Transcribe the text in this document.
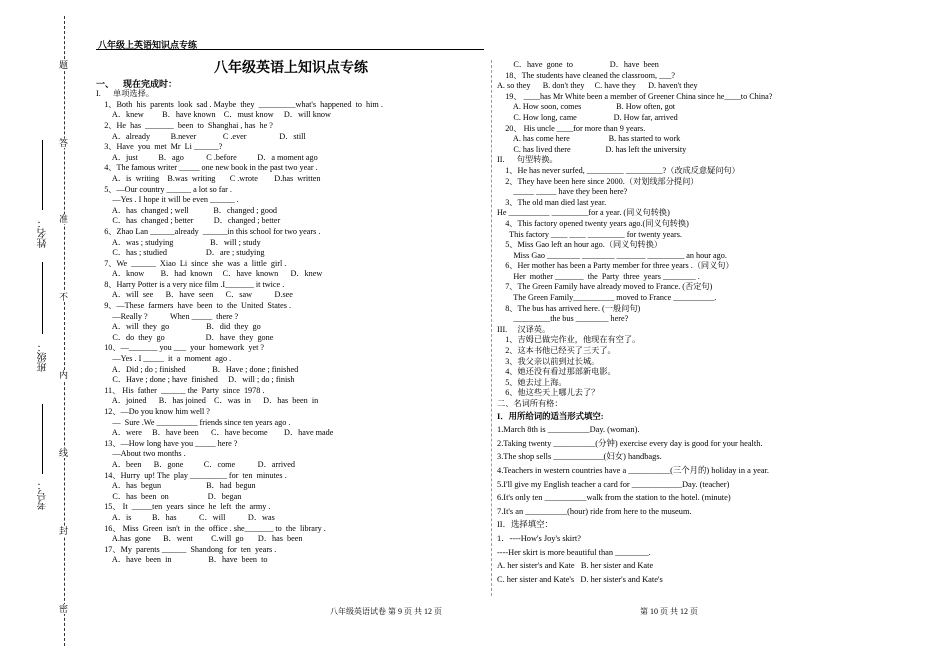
题
答
准
不
内
线
封
密
姓名：
班级：
考号：
八年级上英语知识点专练
八年级英语上知识点专练
一、    现在完成时：
I.      单项选择。
1、Both  his  parents  look  sad . Maybe  they  _________what's  happened  to  him .
A．knew         B．have known    C．must know     D．will know
2、He  has  _______  been  to  Shanghai , has  he ?
A．already          B.never             C .ever                D．still
3、Have  you  met  Mr  Li ______?
A．just          B．ago           C .before          D．a moment ago
4、The famous writer _____ one new book in the past two year .
A．is  writing    B.was  writing       C .wrote        D.has  written
5、—Our country ______ a lot so far .
—Yes . I hope it will be even ______ .
A．has  changed ; well            B．changed ; good
C．has  changed ; better          D．changed ; better
6、Zhao Lan ______already  ______in this school for two years .
A．was ; studying                  B．will ; study
C．has ; studied                   D．are ; studying
7、We  ______  Xiao  Li  since  she  was  a  little  girl .
A．know        B．had  known     C．have  known      D．knew
8、Harry Potter is a very nice film .I_______ it twice .
A．will  see      B．have  seen      C．saw           D.see
9、—These  farmers  have  been  to  the  United  States .
—Really ?           When _____  there ?
A．will  they  go                  B．did  they  go
C．do  they  go                    D．have  they  gone
10、—_______ you ___  your  homework  yet ?
—Yes . I _____  it  a  moment  ago .
A．Did ; do ; finished             B．Have ; done ; finished
C．Have ; done ; have  finished     D．will ; do ; finish
11、 His  father  ______ the  Party  since  1978 .
A．joined      B．has joined    C．was  in      D．has  been  in
12、—Do you know him well ?
—  Sure .We __________ friends since ten years ago .
A．were     B．have been      C．have become        D．have made
13、—How long have you _____ here ?
—About two months .
A．been      B．gone          C．come           D．arrived
14、Hurry  up! The  play _________ for  ten  minutes .
A．has  begun                      B．had  begun
C．has  been  on                   D．began
15、 It  _____ten  years  since  he  left  the  army .
A．is          B．has           C．will           D．was
16、 Miss  Green  isn't  in  the  office . she_______ to  the  library .
A.has  gone      B．went         C.will  go       D．has  been
17、My  parents ______  Shandong  for  ten  years .
A．have  been  in                  B．have  been  to
C．have  gone  to                  D．have  been
18、The students have cleaned the classroom, ___?
A. so they      B. don't they     C. have they      D. haven't they
19、 ____has Mr White been a member of Greener China since he____to China?
A. How soon, comes                 B. How often, got
C. How long, came                  D. How far, arrived
20、 His uncle ____for more than 9 years.
A. has come here                   B. has started to work
C. has lived there                 D. has left the university
II.      句型转换。
1、He has never surfed, _________ _________?（改成反意疑问句）
2、They have been here since 2000.（对划线部分提问）
_____ _____ have they been here?
3、The old man died last year.
He __________ _________for a year. (同义句转换)
4、This factory opened twenty years ago.(同义句转换)
This factory ____ ____ _________ for twenty years.
5、Miss Gao left an hour ago.（同义句转换）
Miss Gao ________ ________ _______ _________ an hour ago.
6、Her mother has been a Party member for three years .（同义句）
Her  mother _______  the  Party  three  years ________ .
7、The Green Family have already moved to France. (否定句)
The Green Family__________ moved to France __________.
8、The bus has arrived here. (一般问句)
_________the bus ________ here?
III.     汉译英。
1、吉姆已做完作业，他现在有空了。
2、这本书他已经买了三天了。
3、我父亲以前到过长城。
4、她还没有看过那部新电影。
5、她去过上海。
6、他这些天上哪儿去了？
二、名词所有格：
I．用所给词的适当形式填空:
1.March 8th is __________Day. (woman).
2.Taking twenty __________(分钟) exercise every day is good for your health.
3.The shop sells ____________(妇女) handbags.
4.Teachers in western countries have a __________(三个月的) holiday in a year.
5.I'll give my English teacher a card for ____________Day. (teacher)
6.It's only ten __________walk from the station to the hotel. (minute)
7.It's an __________(hour) ride from here to the museum.
II．选择填空：
1．----How's Joy's skirt?
----Her skirt is more beautiful than ________.
A. her sister's and Kate   B. her sister and Kate
C. her sister and Kate's   D. her sister's and Kate's
八年级英语试卷 第 9 页 共 12 页	第 10 页 共 12 页
